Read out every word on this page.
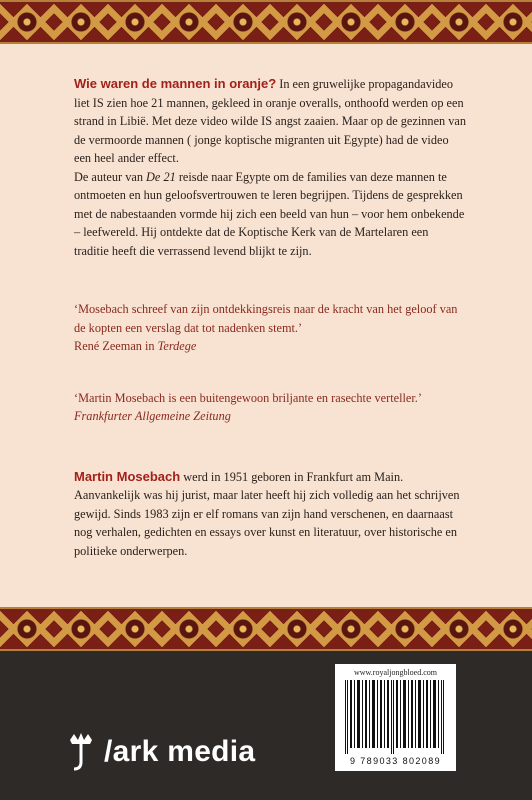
Wie waren de mannen in oranje? In een gruwelijke propagandavideo liet IS zien hoe 21 mannen, gekleed in oranje overalls, onthoofd werden op een strand in Libië. Met deze video wilde IS angst zaaien. Maar op de gezinnen van de vermoorde mannen ( jonge koptische migranten uit Egypte) had de video een heel ander effect.

De auteur van De 21 reisde naar Egypte om de families van deze mannen te ontmoeten en hun geloofsvertrouwen te leren begrijpen. Tijdens de gesprekken met de nabestaanden vormde hij zich een beeld van hun – voor hem onbekende – leefwereld. Hij ontdekte dat de Koptische Kerk van de Martelaren een traditie heeft die verrassend levend blijkt te zijn.

‘Mosebach schreef van zijn ontdekkingsreis naar de kracht van het geloof van de kopten een verslag dat tot nadenken stemt.’

René Zeeman in Terdege

‘Martin Mosebach is een buitengewoon briljante en rasechte verteller.’

Frankfurter Allgemeine Zeitung

Martin Mosebach werd in 1951 geboren in Frankfurt am Main. Aanvankelijk was hij jurist, maar later heeft hij zich volledig aan het schrijven gewijd. Sinds 1983 zijn er elf romans van zijn hand verschenen, en daarnaast nog verhalen, gedichten en essays over kunst en literatuur, over historische en politieke onderwerpen.

/ark media
www.royaljongbloed.com
9 789033 802089
